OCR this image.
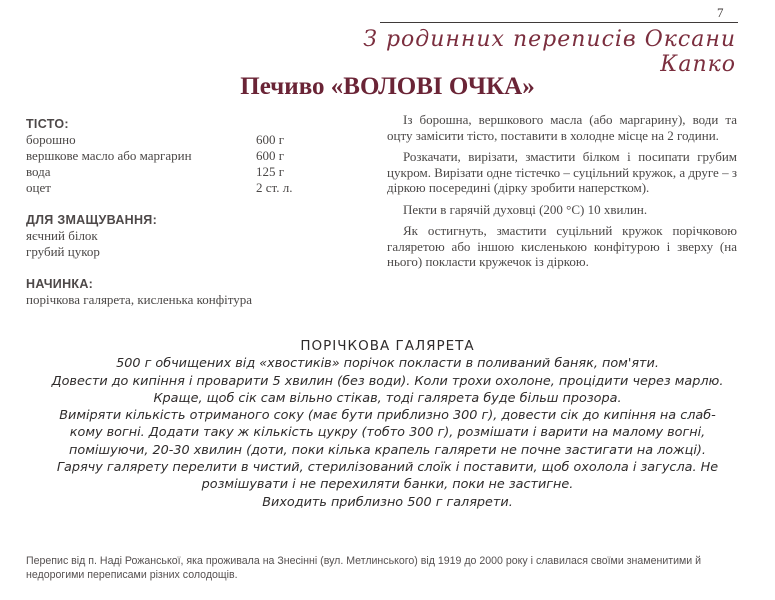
7
З родинних переписів Оксани Капко
Печиво «ВОЛОВІ ОЧКА»
ТІСТО:
борошно	600 г
вершкове масло або маргарин	600 г
вода	125 г
оцет	2 ст. л.
ДЛЯ ЗМАЩУВАННЯ:
яєчний білок
грубий цукор
НАЧИНКА:
порічкова галярета, кисленька конфітура

Із борошна, вершкового масла (або маргарину), води та оцту замісити тісто, поставити в холодне місце на 2 години.

Розкачати, вирізати, змастити білком і посипати грубим цукром. Вирізати одне тістечко – суцільний кружок, а друге – з діркою посередині (дірку зробити наперстком).

Пекти в гарячій духовці (200 °С) 10 хвилин.

Як остигнуть, змастити суцільний кружок порічковою галяретою або іншою кисленькою конфітурою і зверху (на нього) покласти кружечок із діркою.

ПОРІЧКОВА ГАЛЯРЕТА
500 г обчищених від «хвостиків» порічок покласти в поливаний баняк, пом'яти.
Довести до кипіння і проварити 5 хвилин (без води). Коли трохи охолоне, процідити через марлю.
Краще, щоб сік сам вільно стікав, тоді галярета буде більш прозора.
Виміряти кількість отриманого соку (має бути приблизно 300 г), довести сік до кипіння на слаб-
кому вогні. Додати таку ж кількість цукру (тобто 300 г), розмішати і варити на малому вогні,
помішуючи, 20-30 хвилин (доти, поки кілька крапель галярети не почне застигати на ложці).
Гарячу галярету перелити в чистий, стерилізований слоїк і поставити, щоб охолола і загусла. Не
розмішувати і не перехиляти банки, поки не застигне.
Виходить приблизно 500 г галярети.
Перепис від п. Наді Рожанської, яка проживала на Знесінні (вул. Метлинського) від 1919 до 2000 року і славилася своїми знаменитими й недорогими переписами різних солодощів.
